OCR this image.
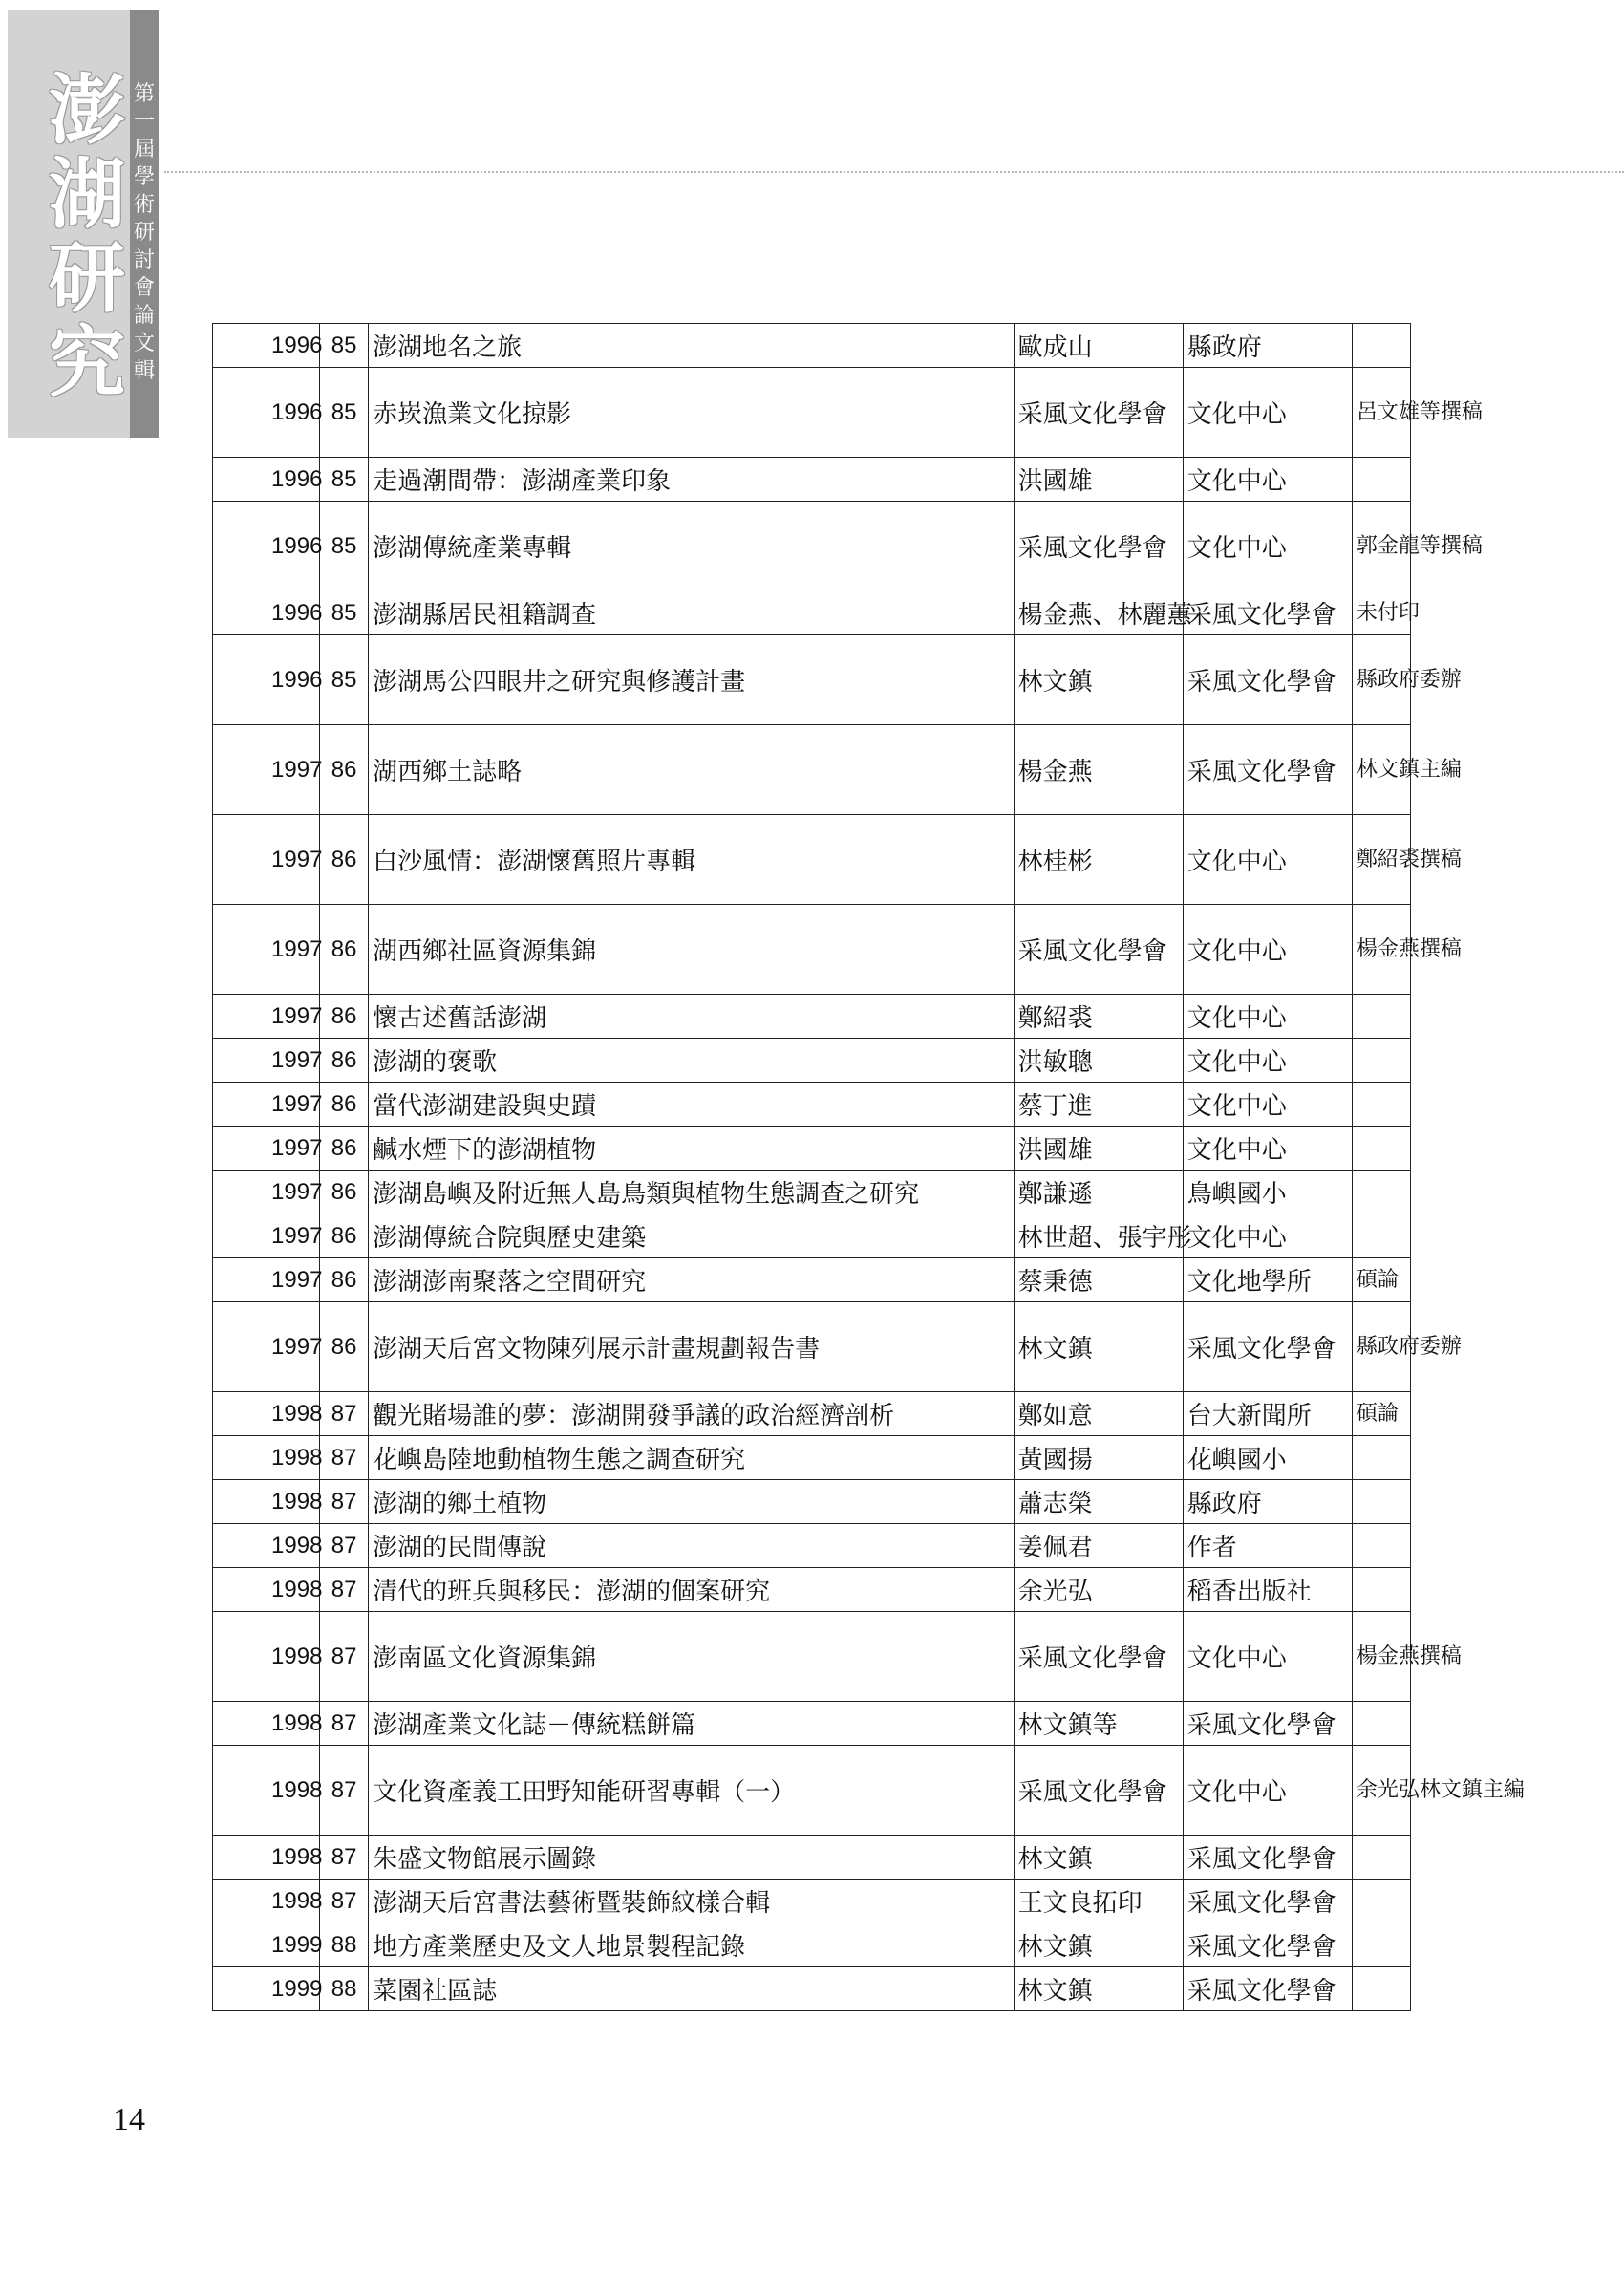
澎湖研究
第一屆學術研討會論文輯
	1996	85	澎湖地名之旅	歐成山	縣政府	
	1996	85	赤崁漁業文化掠影	采風文化學會	文化中心	呂文雄等撰稿
	1996	85	走過潮間帶：澎湖產業印象	洪國雄	文化中心	
	1996	85	澎湖傳統產業專輯	采風文化學會	文化中心	郭金龍等撰稿
	1996	85	澎湖縣居民祖籍調查	楊金燕、林麗蕙	采風文化學會	未付印
	1996	85	澎湖馬公四眼井之研究與修護計畫	林文鎮	采風文化學會	縣政府委辦
	1997	86	湖西鄉土誌略	楊金燕	采風文化學會	林文鎮主編
	1997	86	白沙風情：澎湖懷舊照片專輯	林桂彬	文化中心	鄭紹裘撰稿
	1997	86	湖西鄉社區資源集錦	采風文化學會	文化中心	楊金燕撰稿
	1997	86	懷古述舊話澎湖	鄭紹裘	文化中心	
	1997	86	澎湖的褒歌	洪敏聰	文化中心	
	1997	86	當代澎湖建設與史蹟	蔡丁進	文化中心	
	1997	86	鹹水煙下的澎湖植物	洪國雄	文化中心	
	1997	86	澎湖島嶼及附近無人島鳥類與植物生態調查之研究	鄭謙遜	鳥嶼國小	
	1997	86	澎湖傳統合院與歷史建築	林世超、張宇彤	文化中心	
	1997	86	澎湖澎南聚落之空間研究	蔡秉德	文化地學所	碩論
	1997	86	澎湖天后宮文物陳列展示計畫規劃報告書	林文鎮	采風文化學會	縣政府委辦
	1998	87	觀光賭場誰的夢：澎湖開發爭議的政治經濟剖析	鄭如意	台大新聞所	碩論
	1998	87	花嶼島陸地動植物生態之調查研究	黃國揚	花嶼國小	
	1998	87	澎湖的鄉土植物	蕭志榮	縣政府	
	1998	87	澎湖的民間傳說	姜佩君	作者	
	1998	87	清代的班兵與移民：澎湖的個案研究	余光弘	稻香出版社	
	1998	87	澎南區文化資源集錦	采風文化學會	文化中心	楊金燕撰稿
	1998	87	澎湖產業文化誌－傳統糕餅篇	林文鎮等	采風文化學會	
	1998	87	文化資產義工田野知能研習專輯（一）	采風文化學會	文化中心	余光弘林文鎮主編
	1998	87	朱盛文物館展示圖錄	林文鎮	采風文化學會	
	1998	87	澎湖天后宮書法藝術暨裝飾紋樣合輯	王文良拓印	采風文化學會	
	1999	88	地方產業歷史及文人地景製程記錄	林文鎮	采風文化學會	
	1999	88	菜園社區誌	林文鎮	采風文化學會	
14
